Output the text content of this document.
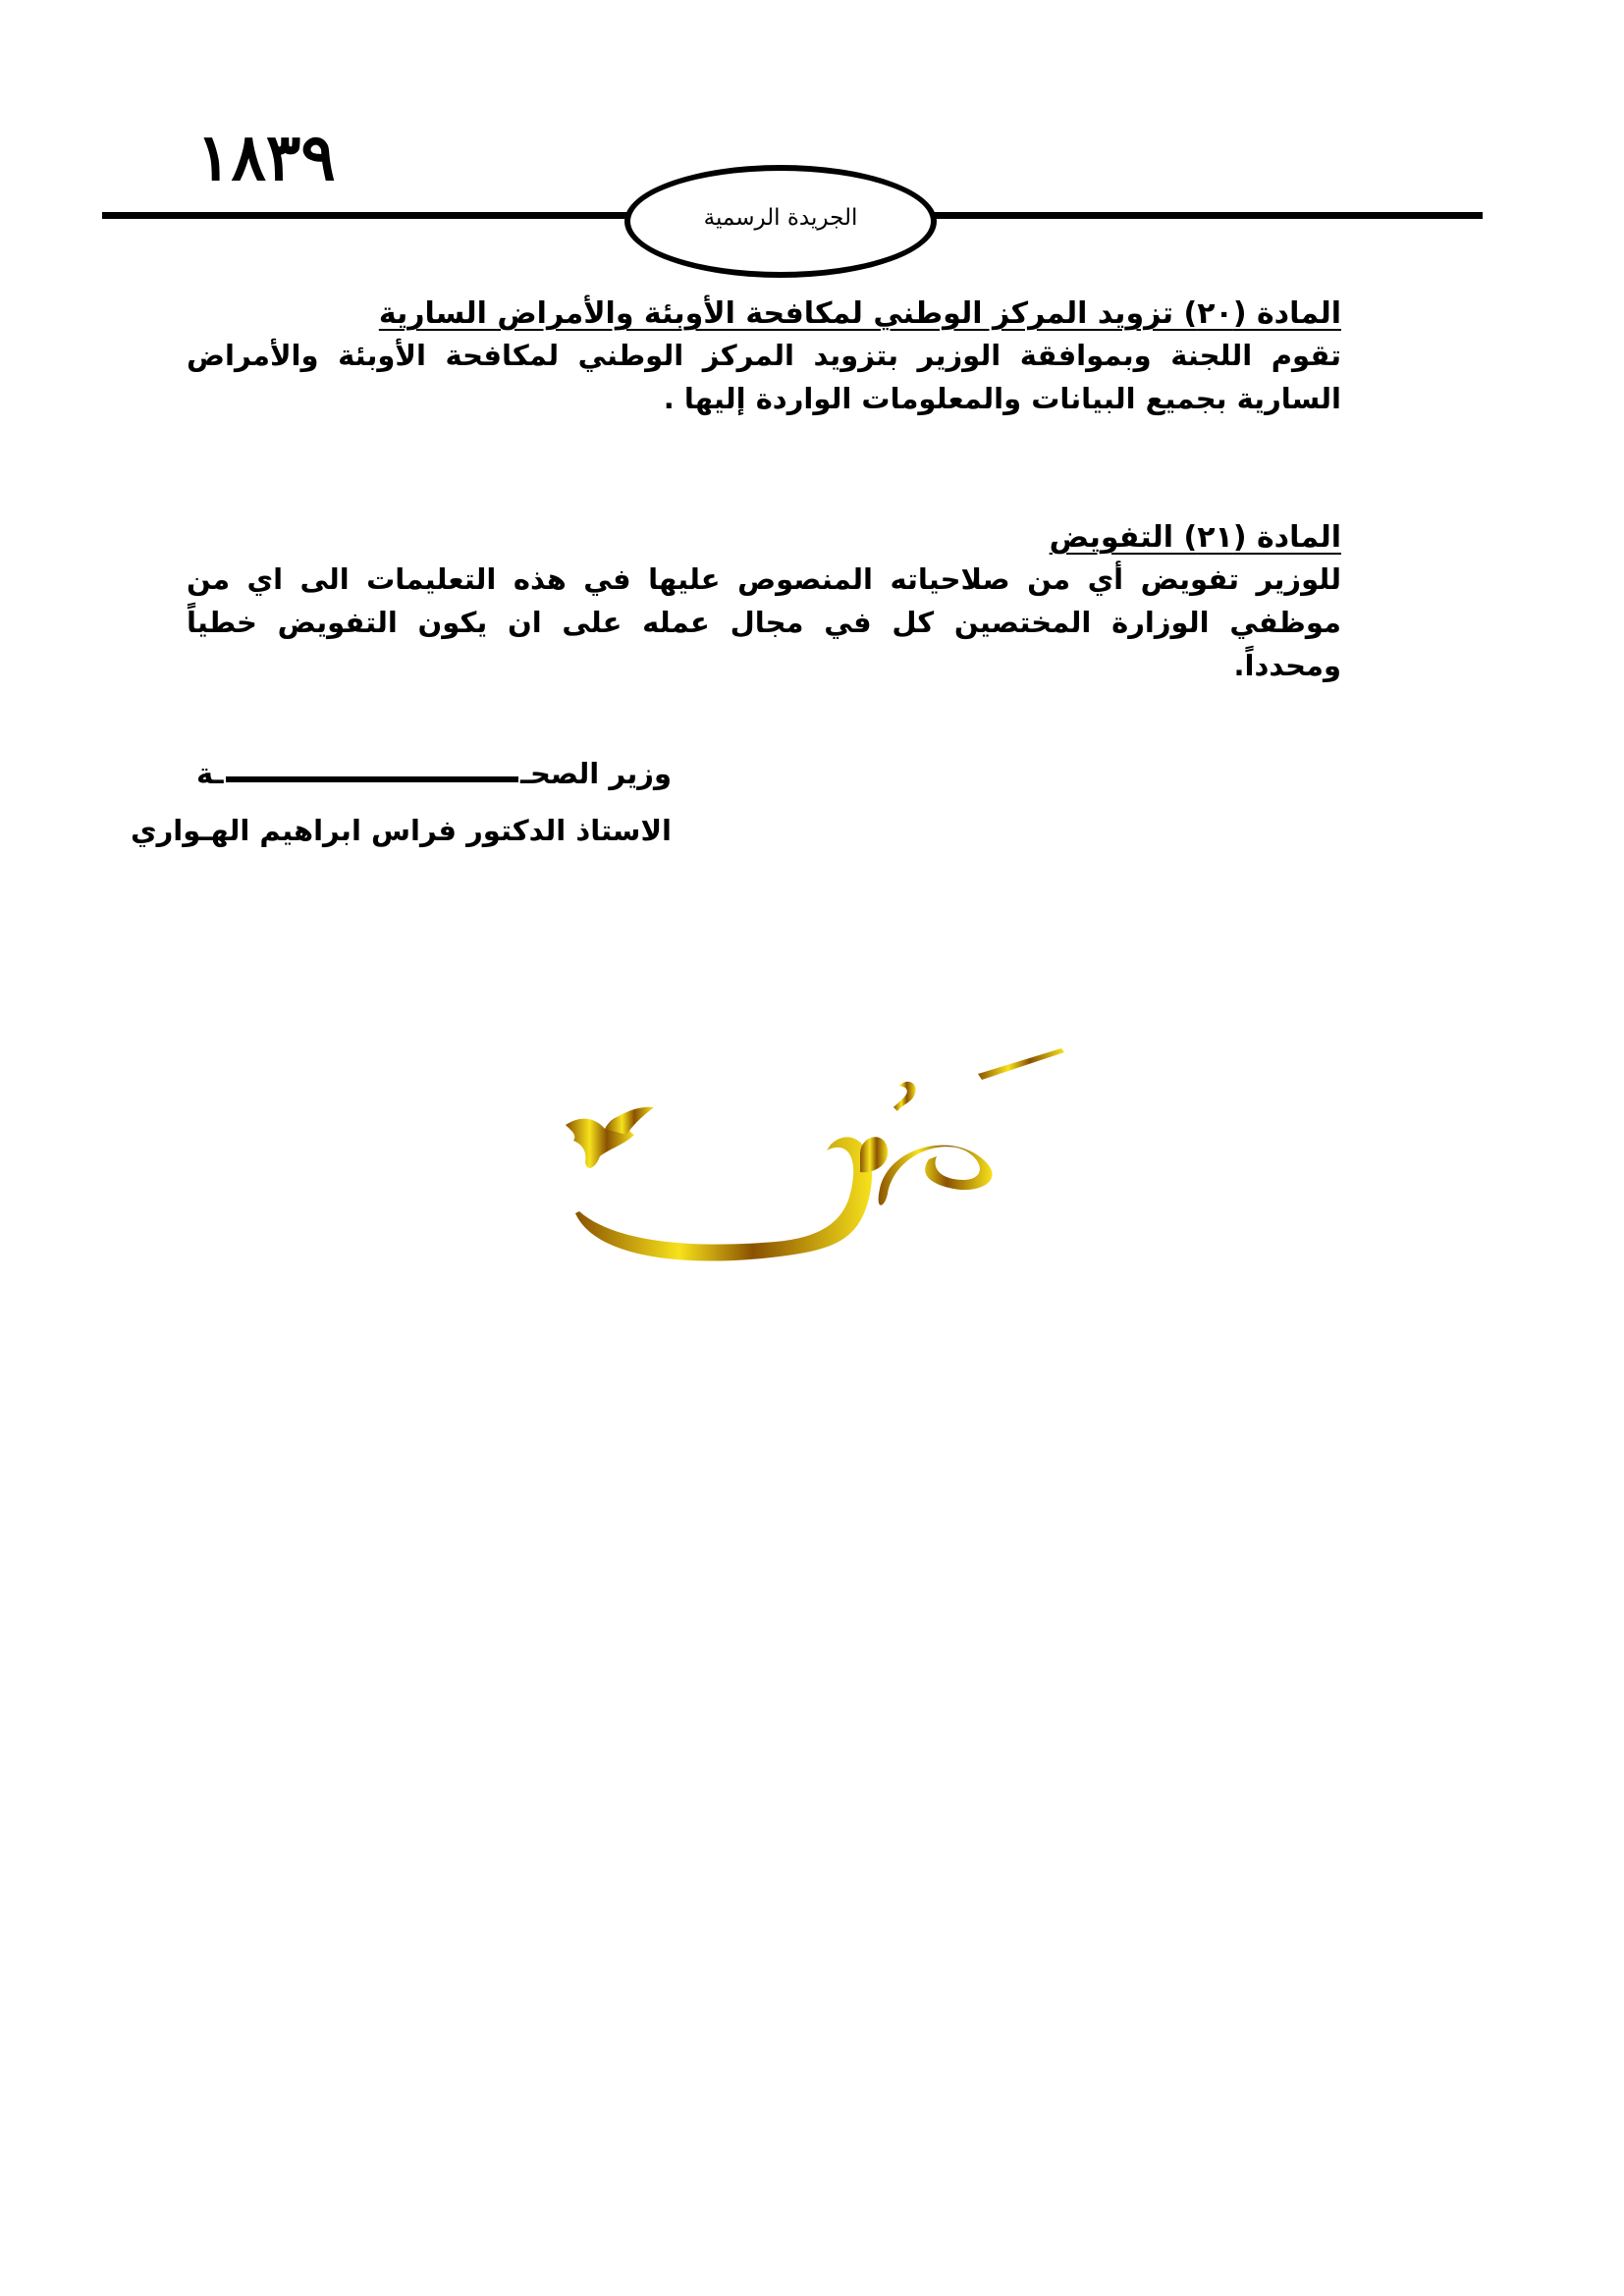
١٨٣٩
الجريدة الرسمية
المادة (٢٠) تزويد المركز الوطني لمكافحة الأوبئة والأمراض السارية
تقوم اللجنة وبموافقة الوزير بتزويد المركز الوطني لمكافحة الأوبئة والأمراض السارية بجميع البيانات والمعلومات الواردة إليها .
المادة (٢١) التفويض
للوزير تفويض أي من صلاحياته المنصوص عليها في هذه التعليمات الى اي من موظفي الوزارة المختصين كل في مجال عمله على ان يكون التفويض خطياً ومحدداً.
وزير الصحـ
ـة
الاستاذ الدكتور فراس ابراهيم الهـواري
